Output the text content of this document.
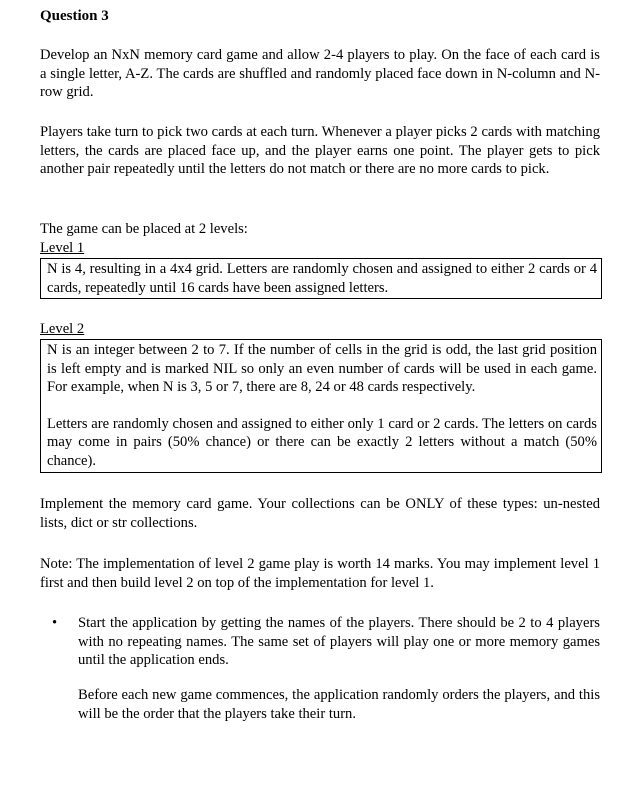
Question 3
Develop an NxN memory card game and allow 2-4 players to play. On the face of each card is a single letter, A-Z. The cards are shuffled and randomly placed face down in N-column and N-row grid.
Players take turn to pick two cards at each turn. Whenever a player picks 2 cards with matching letters, the cards are placed face up, and the player earns one point. The player gets to pick another pair repeatedly until the letters do not match or there are no more cards to pick.
The game can be placed at 2 levels:
Level 1

N is 4, resulting in a 4x4 grid. Letters are randomly chosen and assigned to either 2 cards or 4 cards, repeatedly until 16 cards have been assigned letters.

Level 2

N is an integer between 2 to 7. If the number of cells in the grid is odd, the last grid position is left empty and is marked NIL so only an even number of cards will be used in each game. For example, when N is 3, 5 or 7, there are 8, 24 or 48 cards respectively.

Letters are randomly chosen and assigned to either only 1 card or 2 cards. The letters on cards may come in pairs (50% chance) or there can be exactly 2 letters without a match (50% chance).

Implement the memory card game. Your collections can be ONLY of these types: un-nested lists, dict or str collections.
Note: The implementation of level 2 game play is worth 14 marks. You may implement level 1 first and then build level 2 on top of the implementation for level 1.
• Start the application by getting the names of the players. There should be 2 to 4 players with no repeating names. The same set of players will play one or more memory games until the application ends.
Before each new game commences, the application randomly orders the players, and this will be the order that the players take their turn.
